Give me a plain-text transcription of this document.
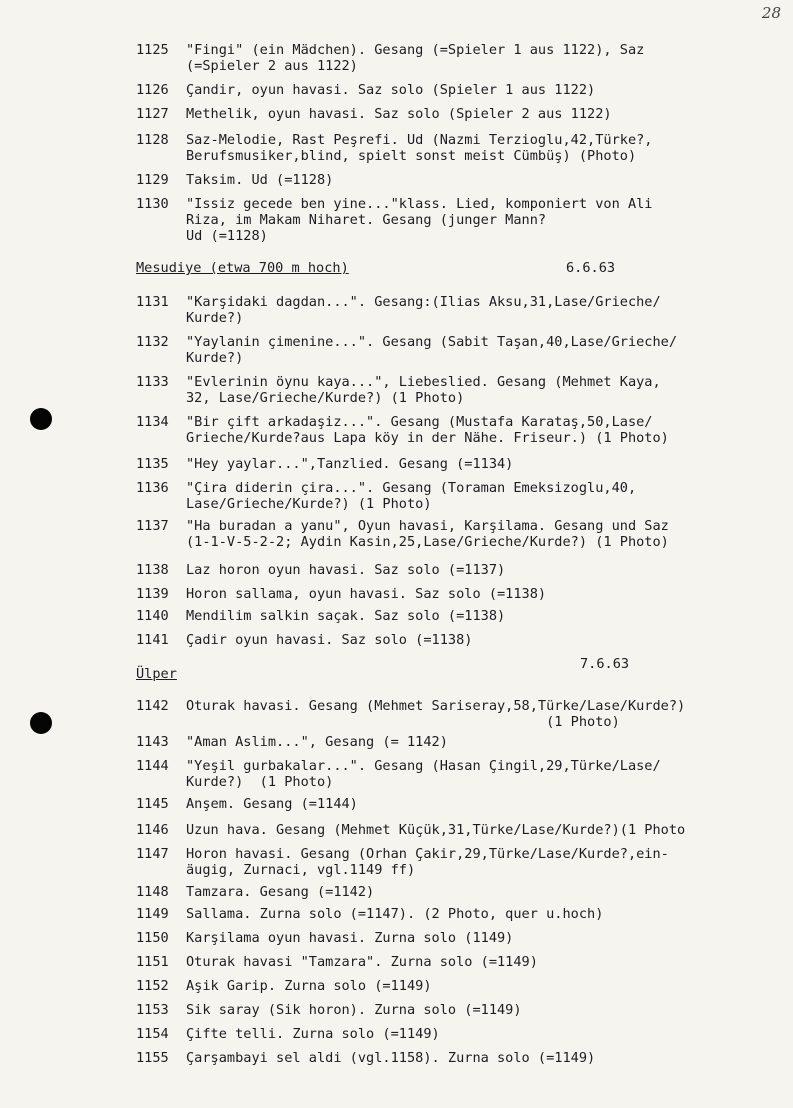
28
1125 "Fingi" (ein Mädchen). Gesang (=Spieler 1 aus 1122), Saz
(=Spieler 2 aus 1122)
1126 Çandir, oyun havasi. Saz solo (Spieler 1 aus 1122)
1127 Methelik, oyun havasi. Saz solo (Spieler 2 aus 1122)
1128 Saz-Melodie, Rast Peşrefi. Ud (Nazmi Terzioglu,42,Türke?,
Berufsmusiker,blind, spielt sonst meist Cümbüş) (Photo)
1129 Taksim. Ud (=1128)
1130 "Issiz gecede ben yine..."klass. Lied, komponiert von Ali
Riza, im Makam Niharet. Gesang (junger Mann?
Ud (=1128)
Mesudiye (etwa 700 m hoch)	6.6.63
1131 "Karşidaki dagdan...". Gesang:(Ilias Aksu,31,Lase/Grieche/
Kurde?)
1132 "Yaylanin çimenine...". Gesang (Sabit Taşan,40,Lase/Grieche/
Kurde?)
1133 "Evlerinin öynu kaya...", Liebeslied. Gesang (Mehmet Kaya,
32, Lase/Grieche/Kurde?) (1 Photo)
1134 "Bir çift arkadaşiz...". Gesang (Mustafa Karataş,50,Lase/
Grieche/Kurde?aus Lapa köy in der Nähe. Friseur.) (1 Photo)
1135 "Hey yaylar...",Tanzlied. Gesang (=1134)
1136 "Çira diderin çira...". Gesang (Toraman Emeksizoglu,40,
Lase/Grieche/Kurde?) (1 Photo)
1137 "Ha buradan a yanu", Oyun havasi, Karşilama. Gesang und Saz
(1-1-V-5-2-2; Aydin Kasin,25,Lase/Grieche/Kurde?) (1 Photo)
1138 Laz horon oyun havasi. Saz solo (=1137)
1139 Horon sallama, oyun havasi. Saz solo (=1138)
1140 Mendilim salkin saçak. Saz solo (=1138)
1141 Çadir oyun havasi. Saz solo (=1138)
Ülper
7.6.63
1142 Oturak havasi. Gesang (Mehmet Sariseray,58,Türke/Lase/Kurde?)
(1 Photo)
1143 "Aman Aslim...", Gesang (= 1142)
1144 "Yeşil gurbakalar...". Gesang (Hasan Çingil,29,Türke/Lase/
Kurde?)  (1 Photo)
1145 Anşem. Gesang (=1144)
1146 Uzun hava. Gesang (Mehmet Küçük,31,Türke/Lase/Kurde?)(1 Photo
1147 Horon havasi. Gesang (Orhan Çakir,29,Türke/Lase/Kurde?,ein-
äugig, Zurnaci, vgl.1149 ff)
1148 Tamzara. Gesang (=1142)
1149 Sallama. Zurna solo (=1147). (2 Photo, quer u.hoch)
1150 Karşilama oyun havasi. Zurna solo (1149)
1151 Oturak havasi "Tamzara". Zurna solo (=1149)
1152 Aşik Garip. Zurna solo (=1149)
1153 Sik saray (Sik horon). Zurna solo (=1149)
1154 Çifte telli. Zurna solo (=1149)
1155 Çarşambayi sel aldi (vgl.1158). Zurna solo (=1149)
